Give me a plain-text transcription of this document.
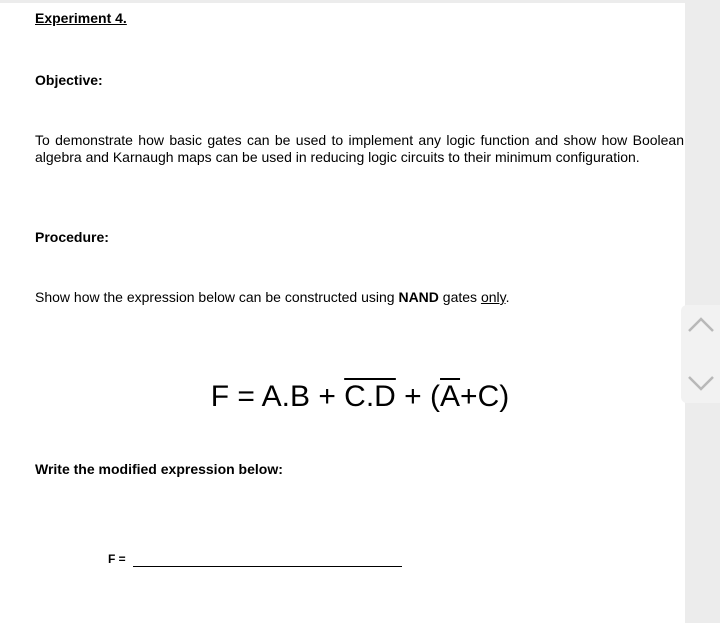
Experiment 4.
Objective:
To demonstrate how basic gates can be used to implement any logic function and show how Boolean algebra and Karnaugh maps can be used in reducing logic circuits to their minimum configuration.
Procedure:
Show how the expression below can be constructed using NAND gates only.
$F = A.B + C.D + (\overline{A}+C)$
Write the modified expression below:
F =
